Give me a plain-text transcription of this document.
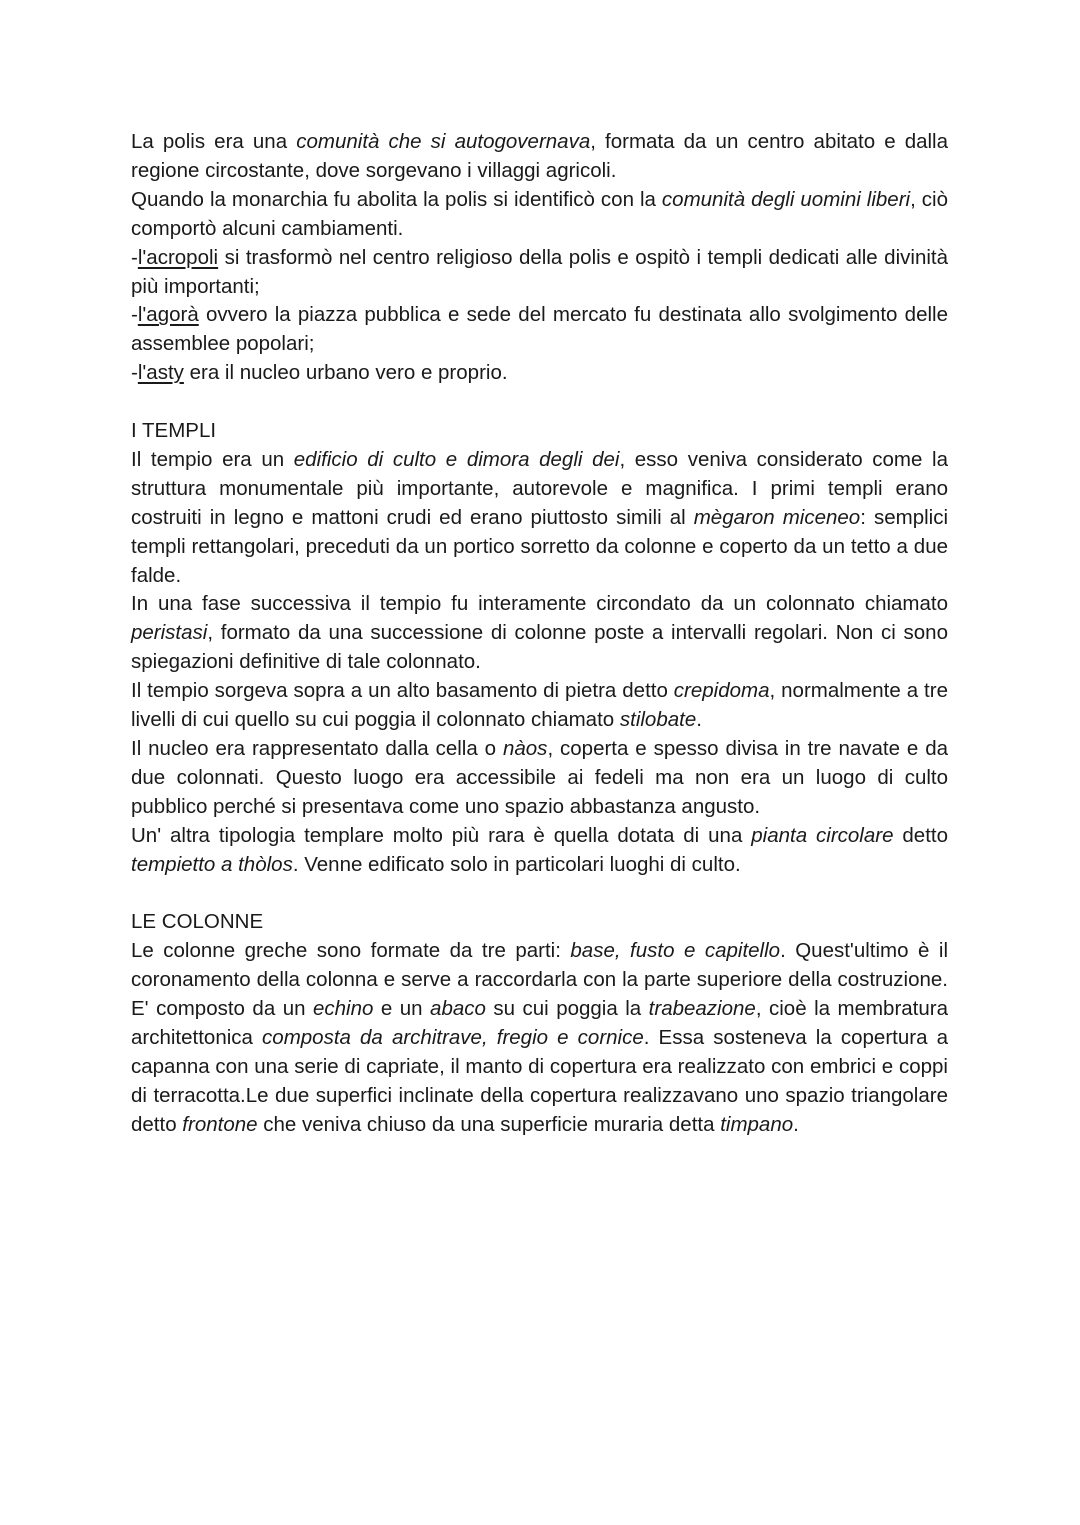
La polis era una comunità che si autogovernava, formata da un centro abitato e dalla regione circostante, dove sorgevano i villaggi agricoli.

Quando la monarchia fu abolita la polis si identificò con la comunità degli uomini liberi, ciò comportò alcuni cambiamenti.

-l'acropoli si trasformò nel centro religioso della polis e ospitò i templi dedicati alle divinità più importanti;

-l'agorà ovvero la piazza pubblica e sede del mercato fu destinata allo svolgimento delle assemblee popolari;

-l'asty era il nucleo urbano vero e proprio.

I TEMPLI

Il tempio era un edificio di culto e dimora degli dei, esso veniva considerato come la struttura monumentale più importante, autorevole e magnifica. I primi templi erano costruiti in legno e mattoni crudi ed erano piuttosto simili al mègaron miceneo: semplici templi rettangolari, preceduti da un portico sorretto da colonne e coperto da un tetto a due falde.

In una fase successiva il tempio fu interamente circondato da un colonnato chiamato peristasi, formato da una successione di colonne poste a intervalli regolari. Non ci sono spiegazioni definitive di tale colonnato.

Il tempio sorgeva sopra a un alto basamento di pietra detto crepidoma, normalmente a tre livelli di cui quello su cui poggia il colonnato chiamato stilobate.

Il nucleo era rappresentato dalla cella o nàos, coperta e spesso divisa in tre navate e da due colonnati. Questo luogo era accessibile ai fedeli ma non era un luogo di culto pubblico perché si presentava come uno spazio abbastanza angusto.

Un' altra tipologia templare molto più rara è quella dotata di una pianta circolare detto tempietto a thòlos. Venne edificato solo in particolari luoghi di culto.

LE COLONNE

Le colonne greche sono formate da tre parti: base, fusto e capitello. Quest'ultimo è il coronamento della colonna e serve a raccordarla con la parte superiore della costruzione. E' composto da un echino e un abaco su cui poggia la trabeazione, cioè la membratura architettonica composta da architrave, fregio e cornice. Essa sosteneva la copertura a capanna con una serie di capriate, il manto di copertura era realizzato con embrici e coppi di terracotta.Le due superfici inclinate della copertura realizzavano uno spazio triangolare detto frontone che veniva chiuso da una superficie muraria detta timpano.
